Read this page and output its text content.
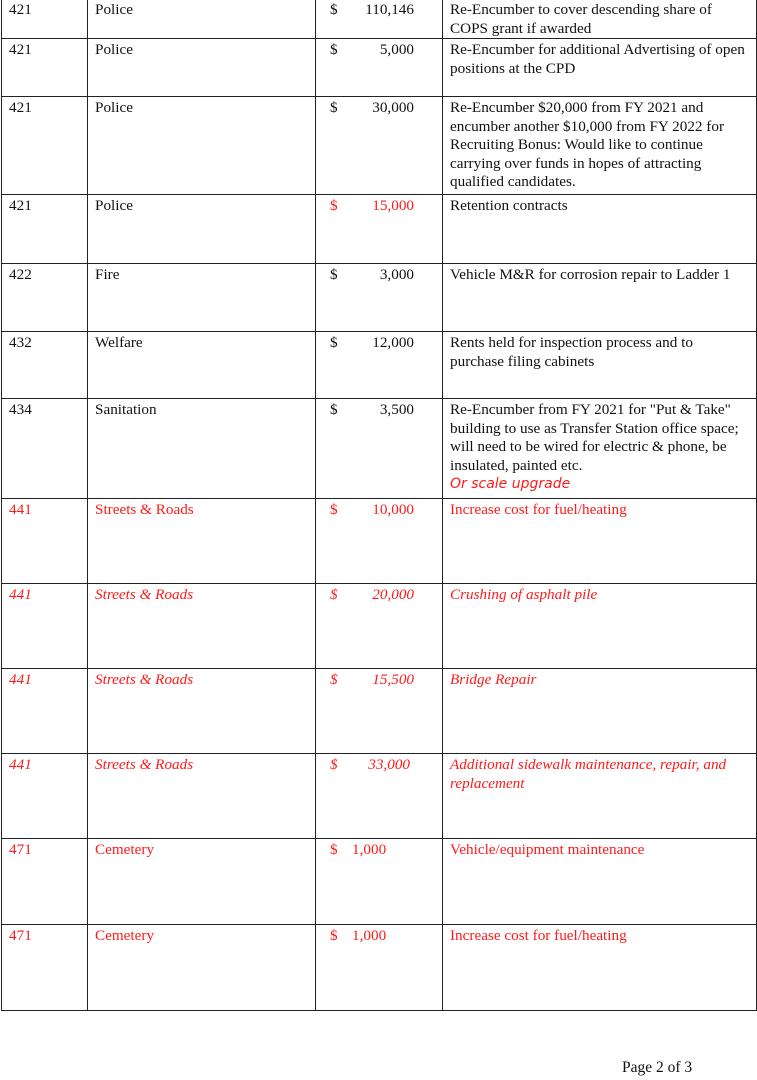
421	Police	$ 110,146	Re-Encumber to cover descending share of COPS grant if awarded
421	Police	$ 5,000	Re-Encumber for additional Advertising of open positions at the CPD
421	Police	$ 30,000	Re-Encumber $20,000 from FY 2021 and encumber another $10,000 from FY 2022 for Recruiting Bonus: Would like to continue carrying over funds in hopes of attracting qualified candidates.
421	Police	$ 15,000	Retention contracts
422	Fire	$ 3,000	Vehicle M&R for corrosion repair to Ladder 1
432	Welfare	$ 12,000	Rents held for inspection process and to purchase filing cabinets
434	Sanitation	$ 3,500	Re-Encumber from FY 2021 for "Put & Take" building to use as Transfer Station office space; will need to be wired for electric & phone, be insulated, painted etc.
Or scale upgrade
441	Streets & Roads	$ 10,000	Increase cost for fuel/heating
441	Streets & Roads	$ 20,000	Crushing of asphalt pile
441	Streets & Roads	$ 15,500	Bridge Repair
441	Streets & Roads	$ 33,000	Additional sidewalk maintenance, repair, and replacement
471	Cemetery	$ 1,000	Vehicle/equipment maintenance
471	Cemetery	$ 1,000	Increase cost for fuel/heating
Page 2 of 3
